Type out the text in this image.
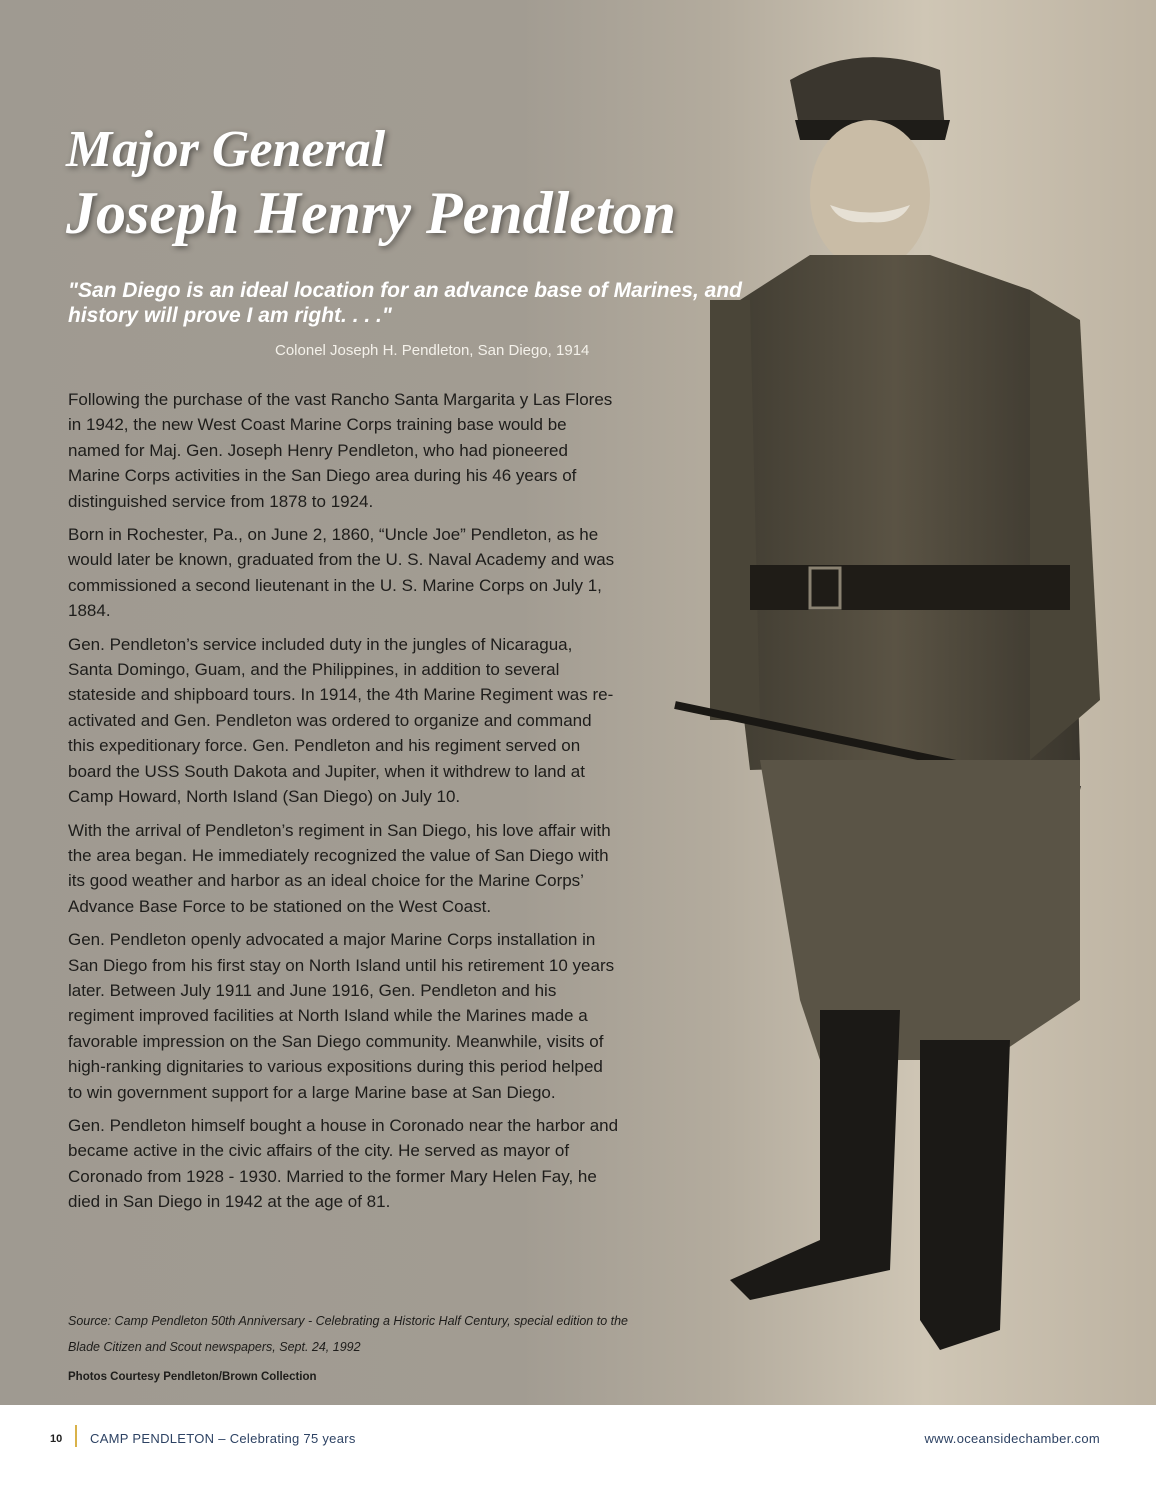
Major General
Joseph Henry Pendleton
"San Diego is an ideal location for an advance base of Marines, and history will prove I am right. . . ."
Colonel Joseph H. Pendleton, San Diego, 1914

Following the purchase of the vast Rancho Santa Margarita y Las Flores in 1942, the new West Coast Marine Corps training base would be named for Maj. Gen. Joseph Henry Pendleton, who had pioneered Marine Corps activities in the San Diego area during his 46 years of distinguished service from 1878 to 1924.

Born in Rochester, Pa., on June 2, 1860, “Uncle Joe” Pendleton, as he would later be known, graduated from the U. S. Naval Academy and was commissioned a second lieutenant in the U. S. Marine Corps on July 1, 1884.

Gen. Pendleton’s service included duty in the jungles of Nicaragua, Santa Domingo, Guam, and the Philippines, in addition to several stateside and shipboard tours. In 1914, the 4th Marine Regiment was re-activated and Gen. Pendleton was ordered to organize and command this expeditionary force. Gen. Pendleton and his regiment served on board the USS South Dakota and Jupiter, when it withdrew to land at Camp Howard, North Island (San Diego) on July 10.

With the arrival of Pendleton’s regiment in San Diego, his love affair with the area began. He immediately recognized the value of San Diego with its good weather and harbor as an ideal choice for the Marine Corps’ Advance Base Force to be stationed on the West Coast.

Gen. Pendleton openly advocated a major Marine Corps installation in San Diego from his first stay on North Island until his retirement 10 years later. Between July 1911 and June 1916, Gen. Pendleton and his regiment improved facilities at North Island while the Marines made a favorable impression on the San Diego community. Meanwhile, visits of high-ranking dignitaries to various expositions during this period helped to win government support for a large Marine base at San Diego.

Gen. Pendleton himself bought a house in Coronado near the harbor and became active in the civic affairs of the city. He served as mayor of Coronado from 1928 - 1930. Married to the former Mary Helen Fay, he died in San Diego in 1942 at the age of 81.

Source: Camp Pendleton 50th Anniversary - Celebrating a Historic Half Century, special edition to the Blade Citizen and Scout newspapers, Sept. 24, 1992
Photos Courtesy Pendleton/Brown Collection
10 CAMP PENDLETON – Celebrating 75 years	www.oceansidechamber.com
